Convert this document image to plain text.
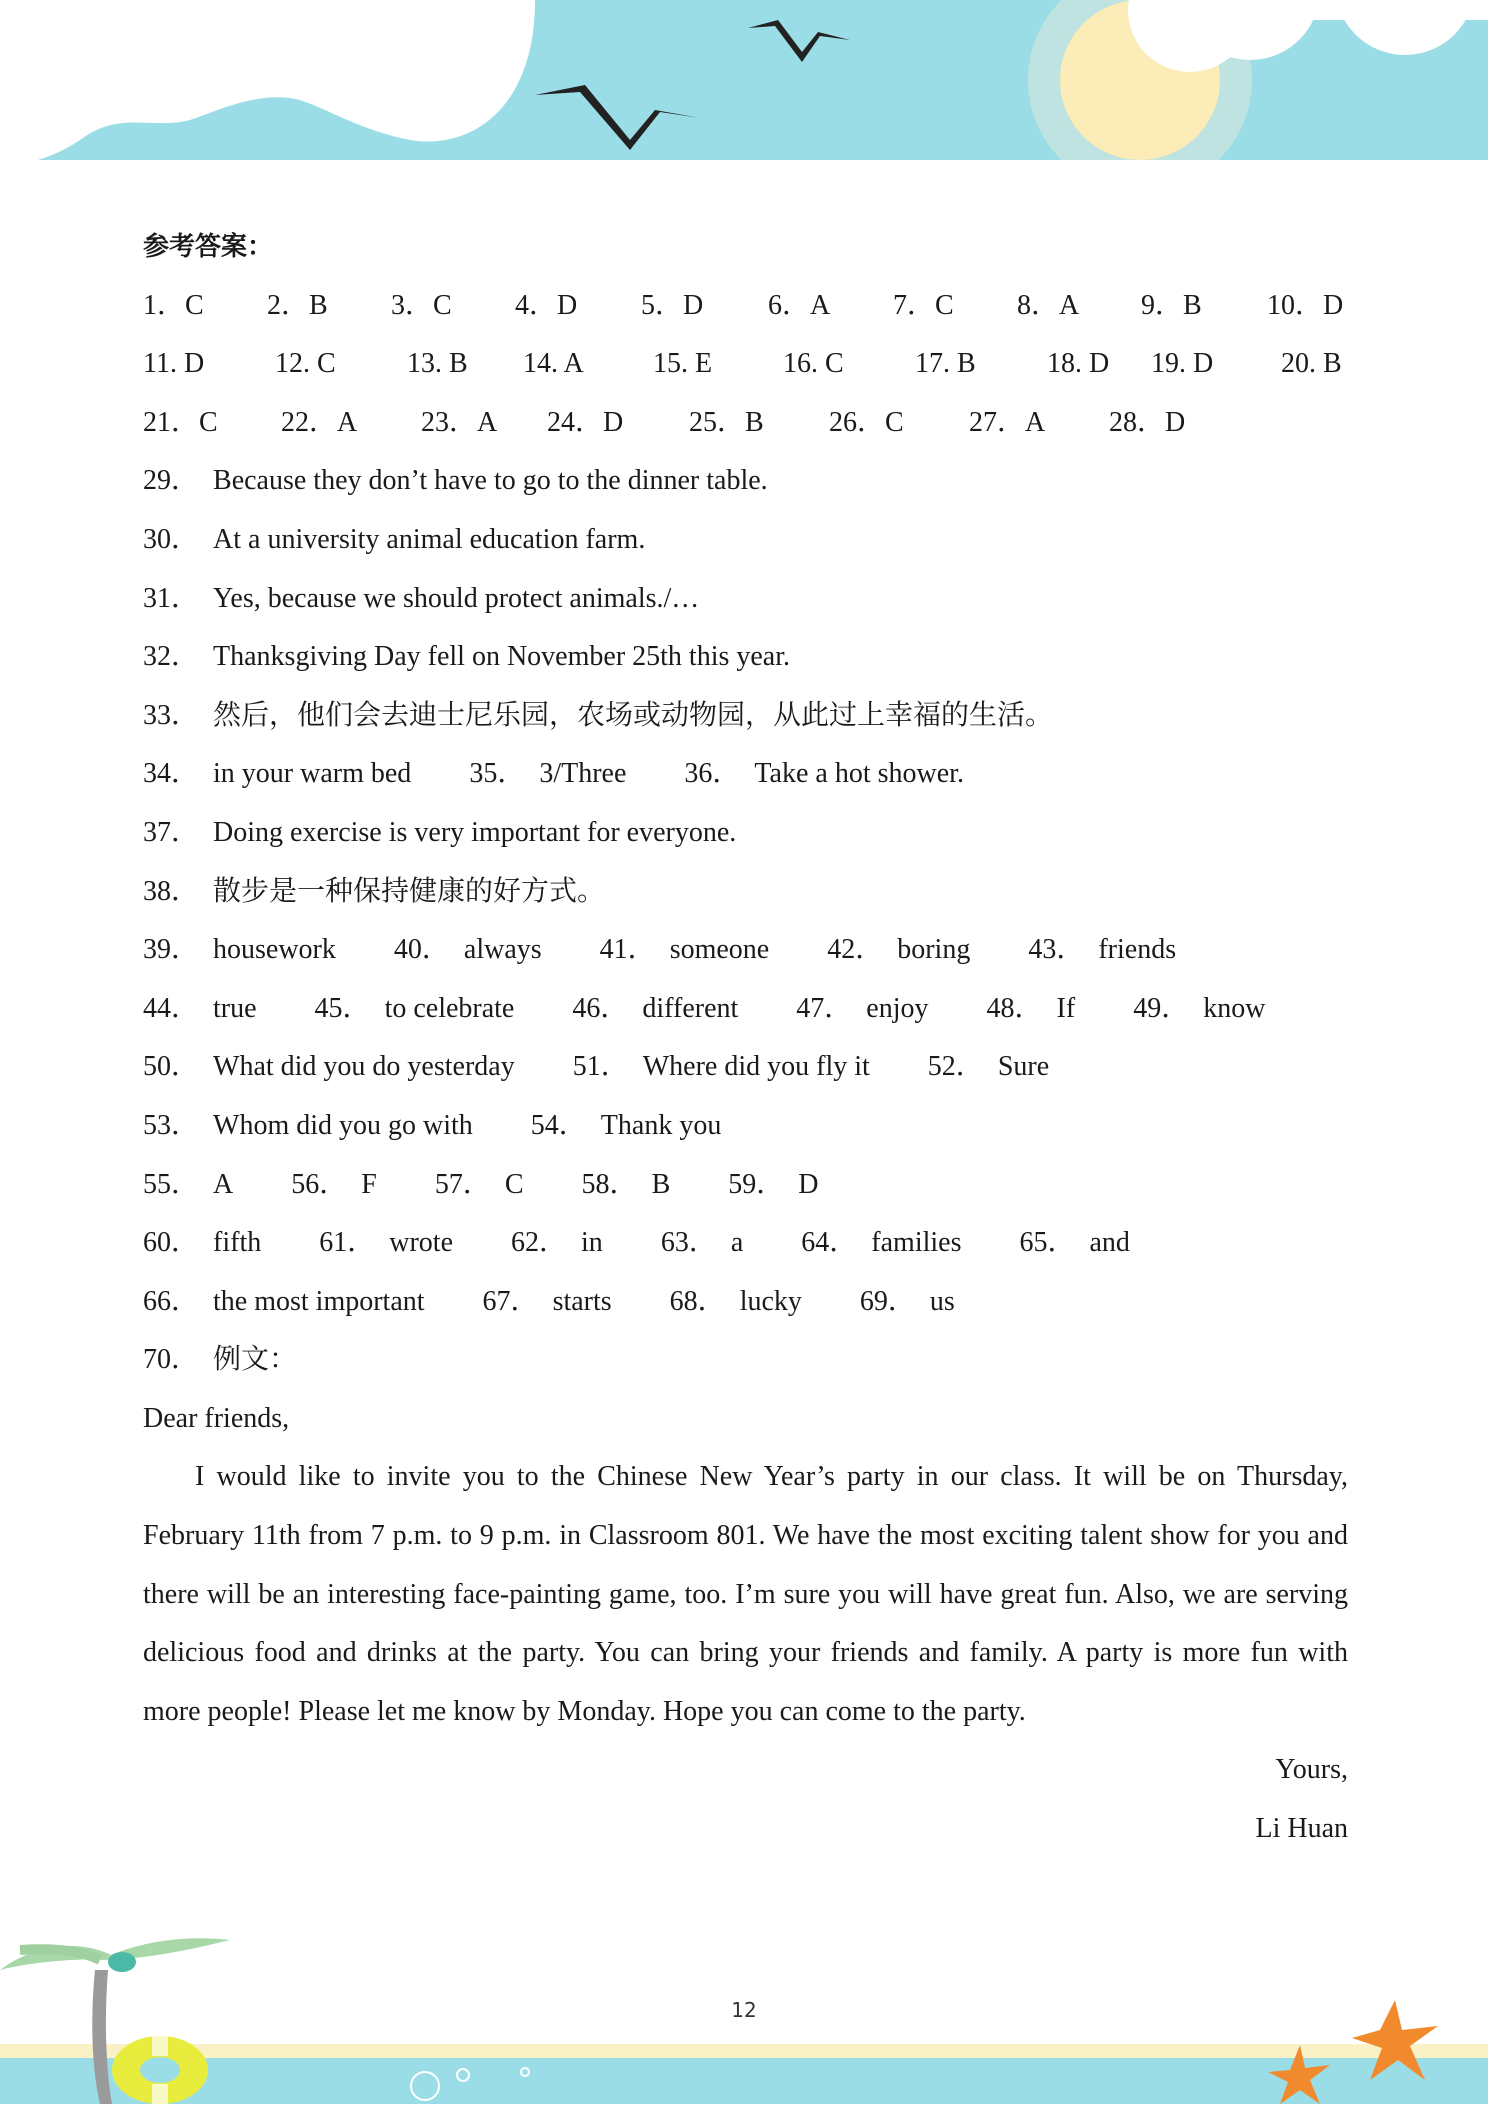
参考答案：
1．C 2．B 3．C 4．D 5．D 6．A 7．C 8．A 9．B 10．D
11. D	12. C	13. B 14. A 15. E	16. C	17. B	18. D 19. D 20. B
21．C 22．A 23．A 24．D 25．B 26．C 27．A 28．D
29． Because they don’t have to go to the dinner table.
30． At a university animal education farm.
31． Yes, because we should protect animals./…
32． Thanksgiving Day fell on November 25th this year.
33． 然后，他们会去迪士尼乐园，农场或动物园，从此过上幸福的生活。
34． in your warm bed 35． 3/Three 36． Take a hot shower.
37． Doing exercise is very important for everyone.
38． 散步是一种保持健康的好方式。
39． housework 40． always 41． someone 42． boring 43． friends
44． true 45． to celebrate 46． different 47． enjoy 48． If 49． know
50． What did you do yesterday 51． Where did you fly it 52． Sure
53． Whom did you go with 54． Thank you
55． A 56． F 57． C 58． B 59． D
60． fifth 61． wrote 62． in 63． a 64． families 65． and
66． the most important 67． starts 68． lucky 69． us
70． 例文：
Dear friends,
I would like to invite you to the Chinese New Year’s party in our class. It will be on Thursday, February 11th from 7 p.m. to 9 p.m. in Classroom 801. We have the most exciting talent show for you and there will be an interesting face-painting game, too. I’m sure you will have great fun. Also, we are serving delicious food and drinks at the party. You can bring your friends and family. A party is more fun with more people! Please let me know by Monday. Hope you can come to the party.
Yours,
Li Huan
12
